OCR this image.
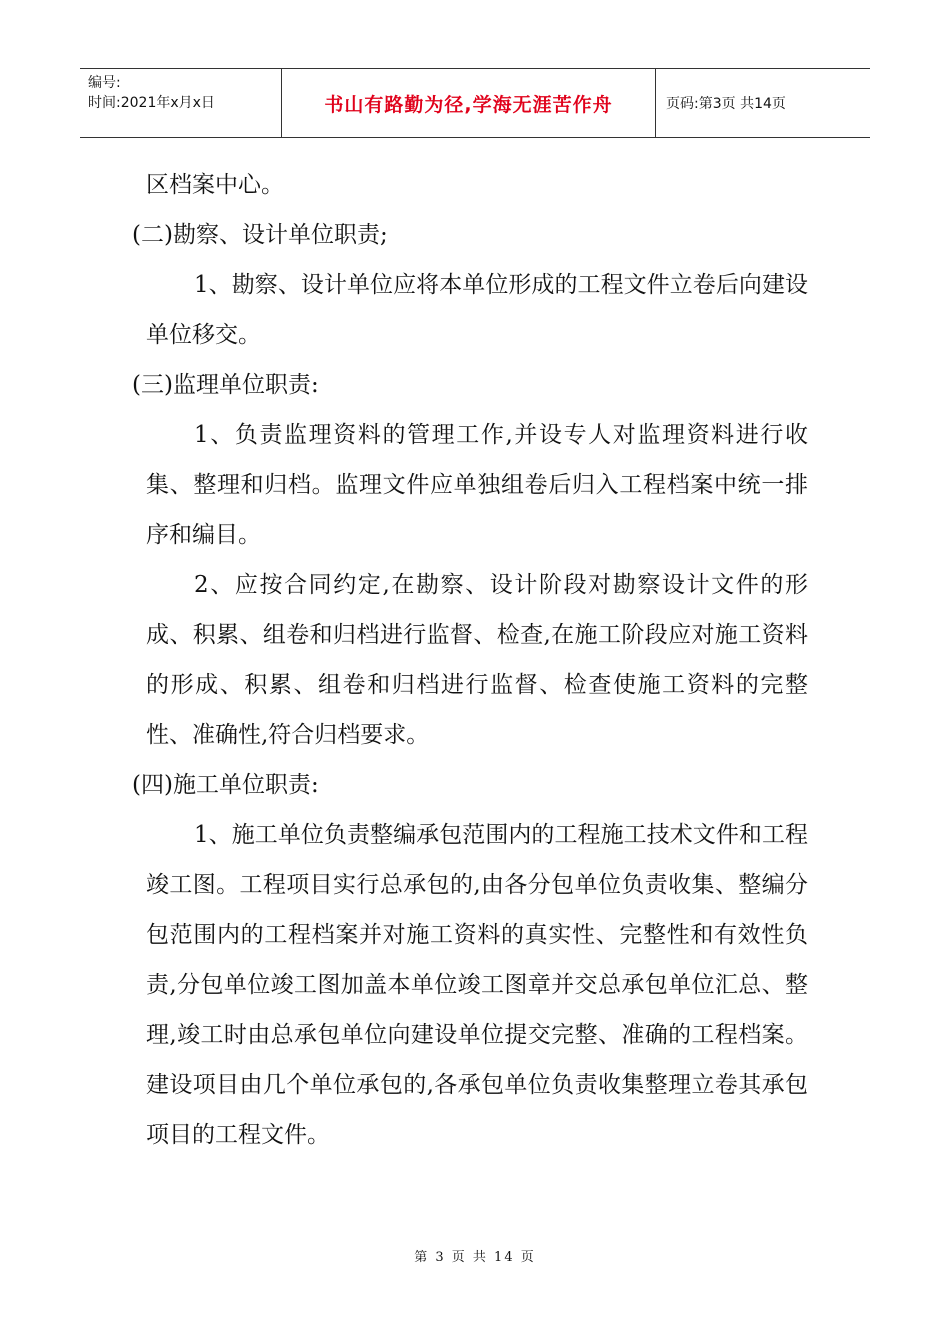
编号:
时间:2021年x月x日	书山有路勤为径,学海无涯苦作舟	页码:第3页 共14页

区档案中心。

(二)勘察、设计单位职责;

1、勘察、设计单位应将本单位形成的工程文件立卷后向建设单位移交。

(三)监理单位职责:

1、负责监理资料的管理工作,并设专人对监理资料进行收集、整理和归档。监理文件应单独组卷后归入工程档案中统一排序和编目。

2、应按合同约定,在勘察、设计阶段对勘察设计文件的形成、积累、组卷和归档进行监督、检查,在施工阶段应对施工资料的形成、积累、组卷和归档进行监督、检查使施工资料的完整性、准确性,符合归档要求。

(四)施工单位职责:

1、施工单位负责整编承包范围内的工程施工技术文件和工程竣工图。工程项目实行总承包的,由各分包单位负责收集、整编分包范围内的工程档案并对施工资料的真实性、完整性和有效性负责,分包单位竣工图加盖本单位竣工图章并交总承包单位汇总、整理,竣工时由总承包单位向建设单位提交完整、准确的工程档案。建设项目由几个单位承包的,各承包单位负责收集整理立卷其承包项目的工程文件。

第 3 页 共 14 页
